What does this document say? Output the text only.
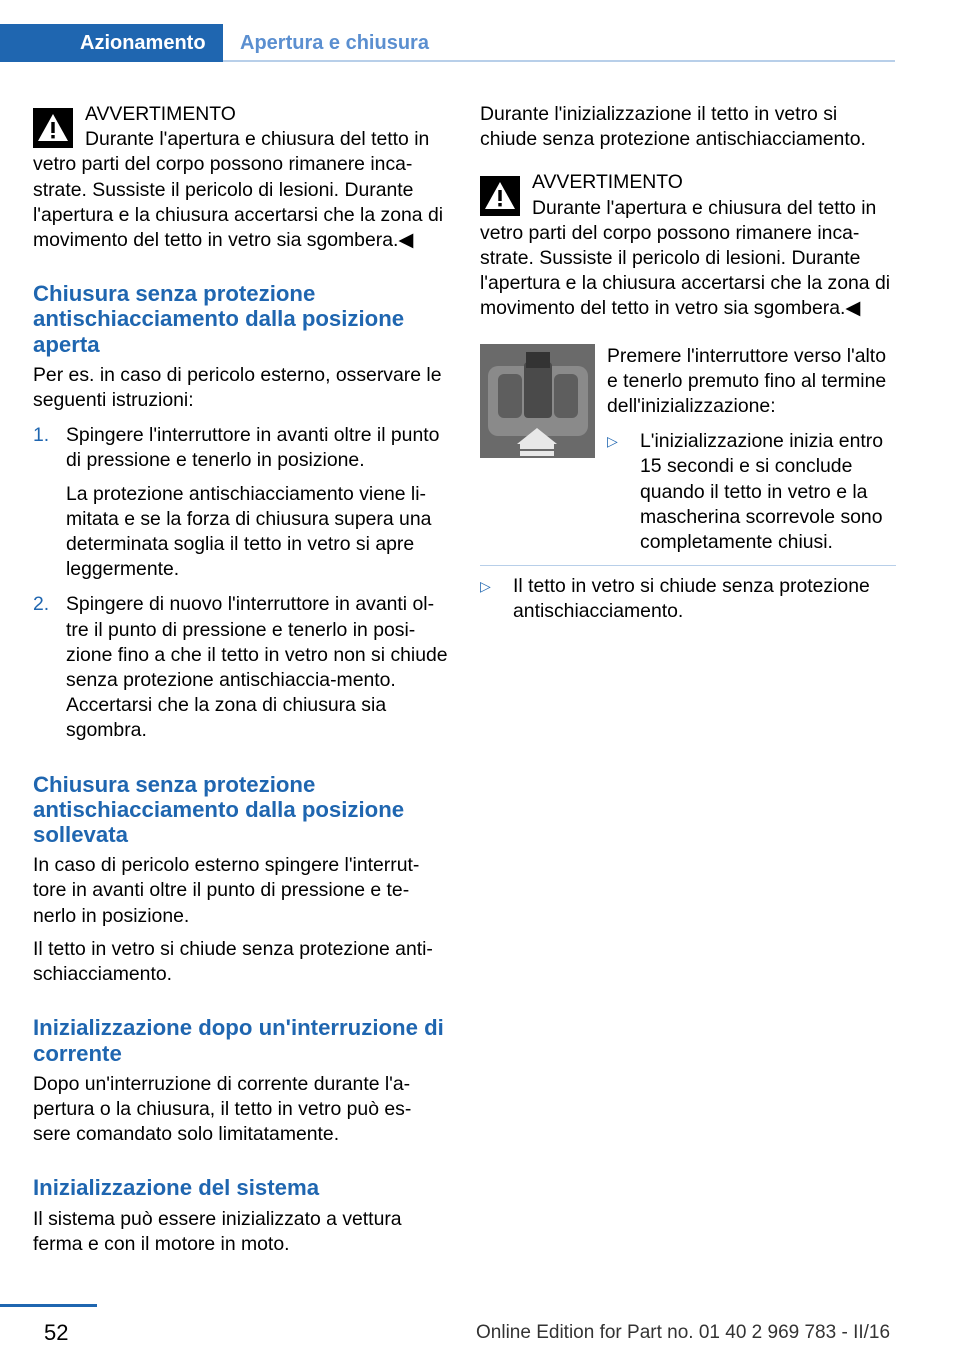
Azionamento Apertura e chiusura
AVVERTIMENTO
Durante l'apertura e chiusura del tetto in vetro parti del corpo possono rimanere inca-strate. Sussiste il pericolo di lesioni. Durante l'apertura e la chiusura accertarsi che la zona di movimento del tetto in vetro sia sgombera.◀
Chiusura senza protezione antischiacciamento dalla posizione aperta

Per es. in caso di pericolo esterno, osservare le seguenti istruzioni:

1. Spingere l'interruttore in avanti oltre il punto di pressione e tenerlo in posizione.

La protezione antischiacciamento viene li-mitata e se la forza di chiusura supera una determinata soglia il tetto in vetro si apre leggermente.

2. Spingere di nuovo l'interruttore in avanti ol-tre il punto di pressione e tenerlo in posi-zione fino a che il tetto in vetro non si chiude senza protezione antischiaccia-mento. Accertarsi che la zona di chiusura sia sgombra.

Chiusura senza protezione antischiacciamento dalla posizione sollevata

In caso di pericolo esterno spingere l'interrut-tore in avanti oltre il punto di pressione e te-nerlo in posizione.

Il tetto in vetro si chiude senza protezione anti-schiacciamento.

Inizializzazione dopo un'interruzione di corrente

Dopo un'interruzione di corrente durante l'a-pertura o la chiusura, il tetto in vetro può es-sere comandato solo limitatamente.

Inizializzazione del sistema

Il sistema può essere inizializzato a vettura ferma e con il motore in moto.

Durante l'inizializzazione il tetto in vetro si chiude senza protezione antischiacciamento.

AVVERTIMENTO
Durante l'apertura e chiusura del tetto in vetro parti del corpo possono rimanere inca-strate. Sussiste il pericolo di lesioni. Durante l'apertura e la chiusura accertarsi che la zona di movimento del tetto in vetro sia sgombera.◀

Premere l'interruttore verso l'alto e tenerlo premuto fino al termine dell'inizializzazione:

▷ L'inizializzazione inizia entro 15 secondi e si conclude quando il tetto in vetro e la mascherina scorrevole sono completamente chiusi.
▷ Il tetto in vetro si chiude senza protezione antischiacciamento.
52	Online Edition for Part no. 01 40 2 969 783 - II/16
